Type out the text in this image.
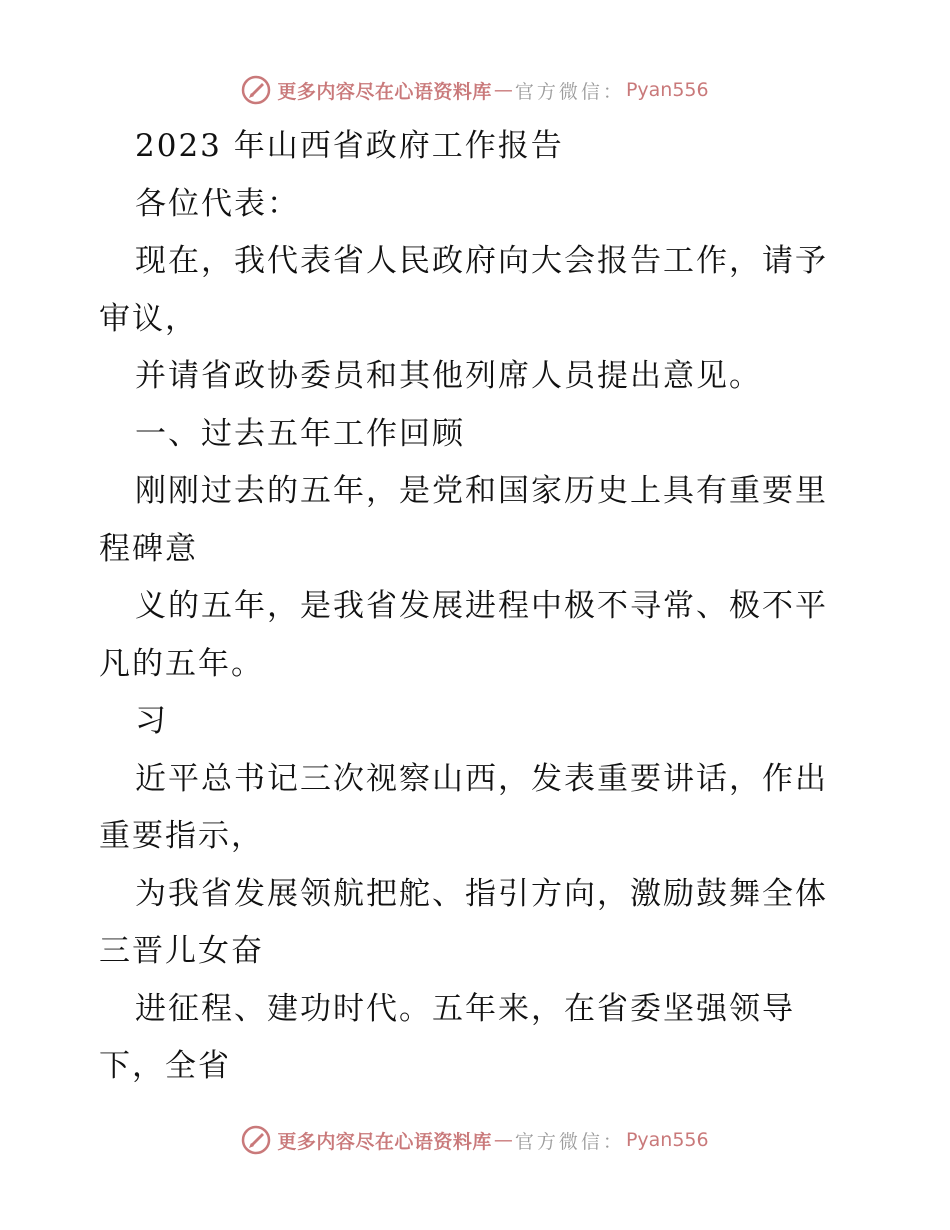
更多内容尽在心语资料库 — 官方微信 ： Pyan556

2023 年山西省政府工作报告

各位代表：

现在，我代表省人民政府向大会报告工作，请予审议，

并请省政协委员和其他列席人员提出意见。

一、过去五年工作回顾

刚刚过去的五年，是党和国家历史上具有重要里程碑意

义的五年，是我省发展进程中极不寻常、极不平凡的五年。

习

近平总书记三次视察山西，发表重要讲话，作出重要指示，

为我省发展领航把舵、指引方向，激励鼓舞全体三晋儿女奋

进征程、建功时代。五年来，在省委坚强领导下，全省

更多内容尽在心语资料库 — 官方微信 ： Pyan556
